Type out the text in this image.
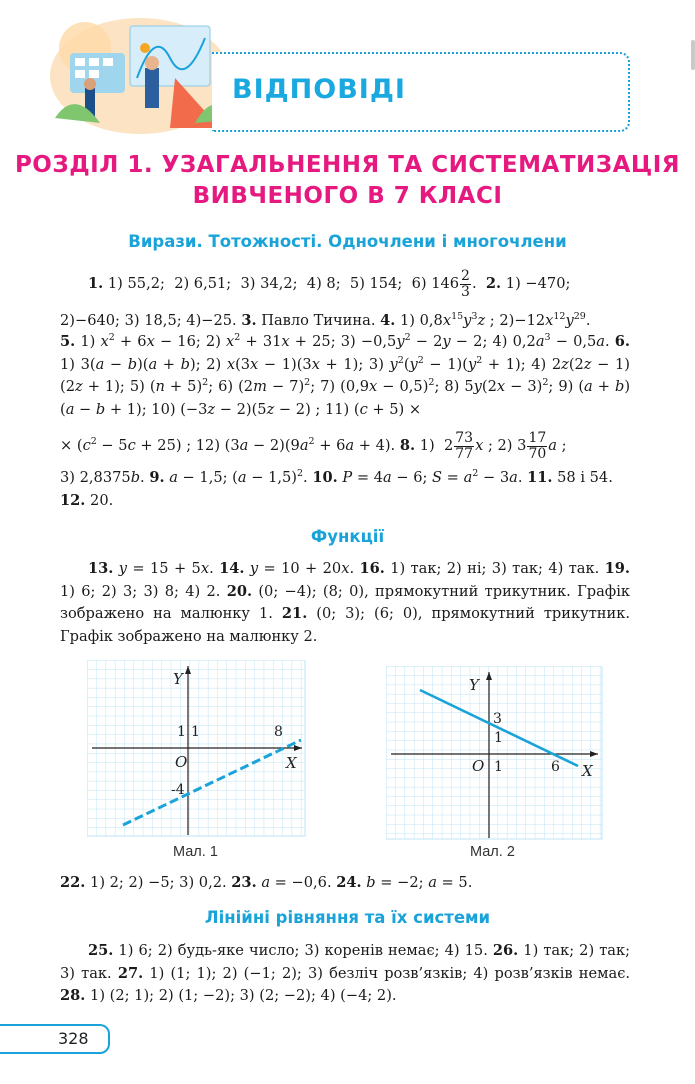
ВІДПОВІДІ
РОЗДІЛ 1. УЗАГАЛЬНЕННЯ ТА СИСТЕМАТИЗАЦІЯ
ВИВЧЕНОГО В 7 КЛАСІ
Вирази. Тотожності. Одночлени і многочлени
1. 1) 55,2;  2) 6,51;  3) 34,2;  4) 8;  5) 154;  6) $146 \frac{2}{3}$ .  2. 1) −470;
2)−640; 3) 18,5; 4)−25. 3. Павло Тичина. 4. 1) $0,8x^{15}y^3z$ ; $2)-12x^{12}y^{29}$.
5. 1) $x^2 + 6x - 16$; 2) $x^2 + 31x + 25$; $3) -0,5y^2 - 2y - 2$; 4) $0,2a^3 - 0,5a$. 6. 1) 3(a − b)(a + b); 2) x(3x − 1)(3x + 1); 3) $y^2(y^2 - 1)(y^2 + 1)$; 4) 2z(2z − 1)(2z + 1); 5) $(n + 5)^2$; 6) $(2m - 7)^2$; 7) $(0,9x - 0,5)^2$; 8) $5y(2x - 3)^2$; 9) (a + b)(a − b + 1); 10) (−3z − 2)(5z − 2) ; 11) (c + 5) ×
× $(c^2 - 5c + 25)$ ; 12) $(3a - 2)(9a^2 + 6a + 4)$. 8. 1)  $2 \frac{73}{77}$ x ; 2) $3 \frac{17}{70}$ a ;
3) 2,8375b. 9. a − 1,5; $(a - 1,5)^2$. 10. P = 4a − 6; $S = a^2 - 3a$. 11. 58 і 54.
12. 20.
Функції
13. y = 15 + 5x. 14. y = 10 + 20x. 16. 1) так; 2) ні; 3) так; 4) так. 19. 1) 6; 2) 3; 3) 8; 4) 2. 20. (0; −4); (8; 0), прямокутний трикутник. Графік зображено на малюнку 1. 21. (0; 3); (6; 0), прямокутний трикутник. Графік зображено на малюнку 2.
Y
X
O
1 1	8
-4
Мал. 1
Y
X
O 1
1
3
6
Мал. 2
22. 1) 2; 2) −5; 3) 0,2. 23. a = −0,6. 24. b = −2; a = 5.
Лінійні рівняння та їх системи
25. 1) 6; 2) будь-яке число; 3) коренів немає; 4) 15. 26. 1) так; 2) так; 3) так. 27. 1) (1; 1); 2) (−1; 2); 3) безліч розв’язків; 4) розв’язків немає. 28. 1) (2; 1); 2) (1; −2); 3) (2; −2); 4) (−4; 2).
328
